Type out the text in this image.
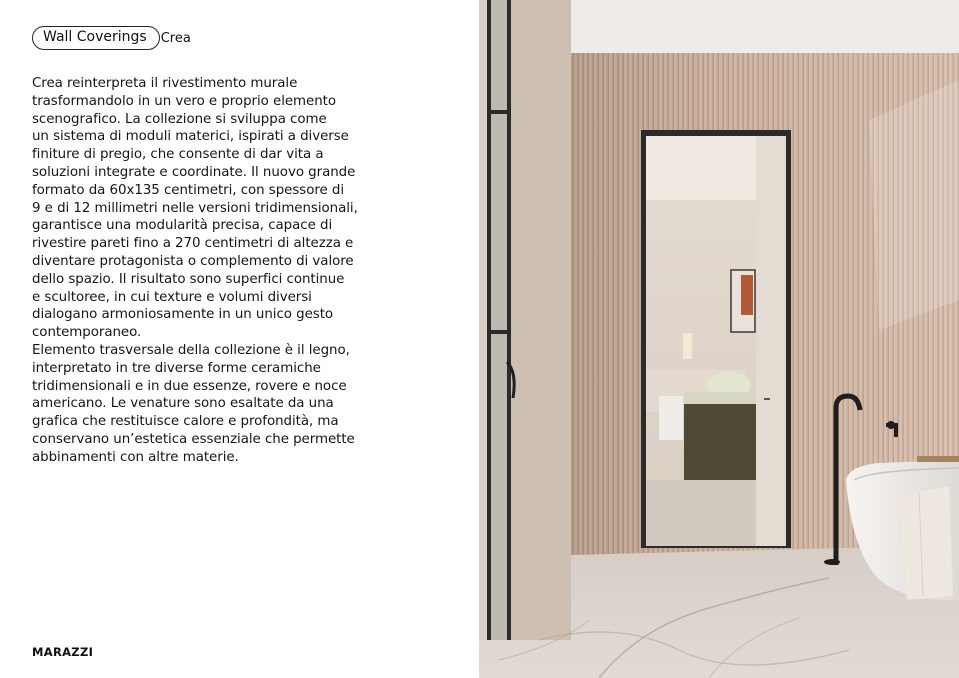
Wall Coverings	Crea

Crea reinterpreta il rivestimento murale
trasformandolo in un vero e proprio elemento
scenografico. La collezione si sviluppa come
un sistema di moduli materici, ispirati a diverse
finiture di pregio, che consente di dar vita a
soluzioni integrate e coordinate. Il nuovo grande
formato da 60x135 centimetri, con spessore di
9 e di 12 millimetri nelle versioni tridimensionali,
garantisce una modularità precisa, capace di
rivestire pareti fino a 270 centimetri di altezza e
diventare protagonista o complemento di valore
dello spazio. Il risultato sono superfici continue
e scultoree, in cui texture e volumi diversi
dialogano armoniosamente in un unico gesto
contemporaneo.

Elemento trasversale della collezione è il legno,
interpretato in tre diverse forme ceramiche
tridimensionali e in due essenze, rovere e noce
americano. Le venature sono esaltate da una
grafica che restituisce calore e profondità, ma
conservano un’estetica essenziale che permette
abbinamenti con altre materie.

MARAZZI
